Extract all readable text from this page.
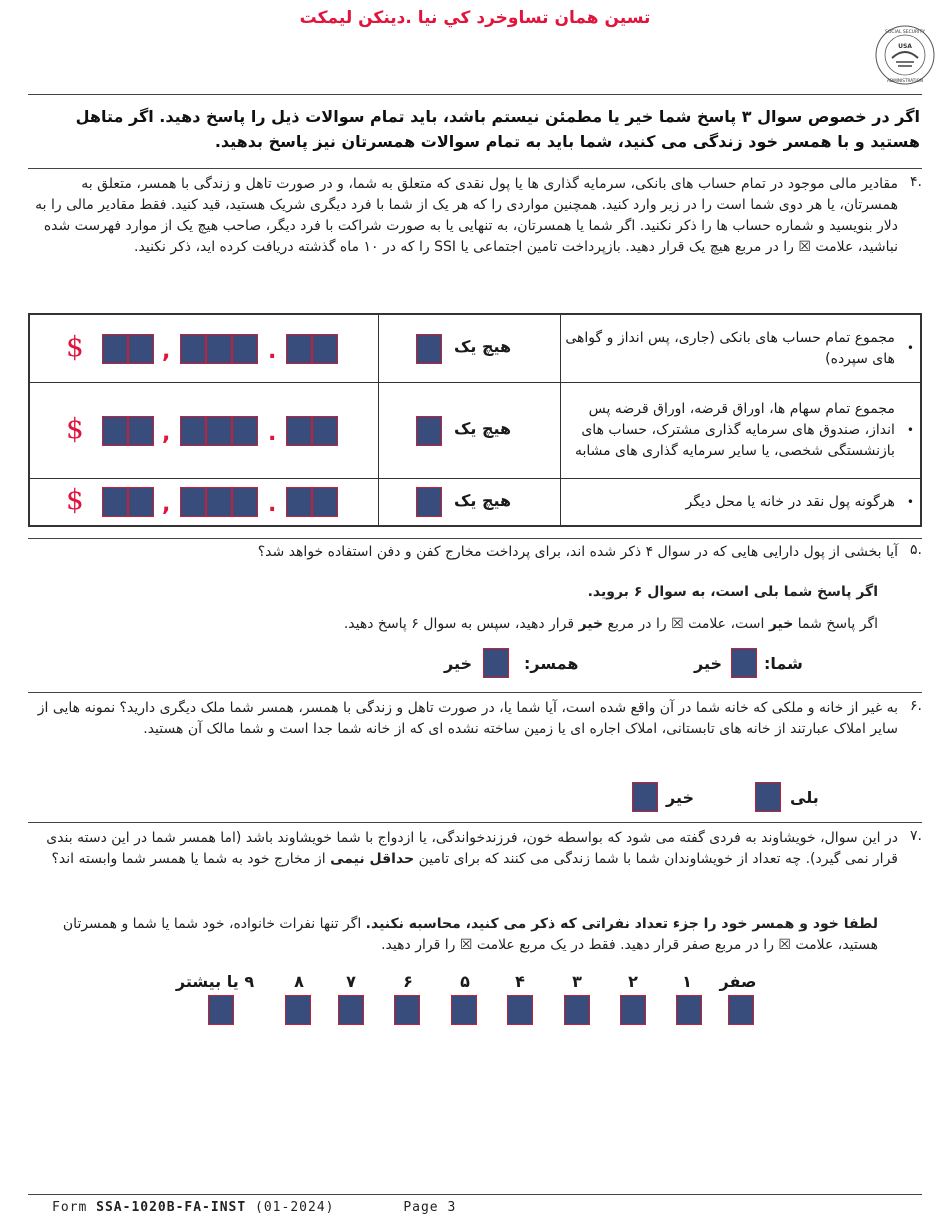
تسين همان تساوخرد كي نيا .دينكن ليمكت
USA
SOCIAL SECURITY
ADMINISTRATION
اگر در خصوص سوال ۳ پاسخ شما خیر یا مطمئن نیستم باشد، باید تمام سوالات ذیل را پاسخ دهید. اگر متاهل هستید و با همسر خود زندگی می کنید، شما باید به تمام سوالات همسرتان نیز پاسخ بدهید.
۴.
مقادیر مالی موجود در تمام حساب های بانکی، سرمایه گذاری ها یا پول نقدی که متعلق به شما، و در صورت تاهل و زندگی با همسر، متعلق به همسرتان، یا هر دوی شما است را در زیر وارد کنید. همچنین مواردی را که هر یک از شما با فرد دیگری شریک هستید، قید کنید. فقط مقادیر مالی را به دلار بنویسید و شماره حساب ها را ذکر نکنید. اگر شما یا همسرتان، به تنهایی یا به صورت شراکت با فرد دیگر، صاحب هیچ یک از موارد فهرست شده نباشید، علامت ☒ را در مربع هیچ یک قرار دهید. بازپرداخت تامین اجتماعی یا SSI را که در ۱۰ ماه گذشته دریافت کرده اید، ذکر نکنید.
•
مجموع تمام حساب های بانکی (جاری، پس انداز و گواهی های سپرده)
هیچ یک
$	,	.
•
مجموع تمام سهام ها، اوراق قرضه، اوراق قرضه پس انداز، صندوق های سرمایه گذاری مشترک، حساب های بازنشستگی شخصی، یا سایر سرمایه گذاری های مشابه
هیچ یک
$	,	.
•
هرگونه پول نقد در خانه یا محل دیگر
هیچ یک
$	,	.
۵.
آیا بخشی از پول دارایی هایی که در سوال ۴ ذکر شده اند، برای پرداخت مخارج کفن و دفن استفاده خواهد شد؟
اگر پاسخ شما بلی است، به سوال ۶ بروید.
اگر پاسخ شما خیر است، علامت ☒ را در مربع خیر قرار دهید، سپس به سوال ۶ پاسخ دهید.
شما:
خیر
همسر:
خیر
۶.
به غیر از خانه و ملکی که خانه شما در آن واقع شده است، آیا شما یا، در صورت تاهل و زندگی با همسر، همسر شما ملک دیگری دارید؟ نمونه هایی از سایر املاک عبارتند از خانه های تابستانی، املاک اجاره ای یا زمین ساخته نشده ای که از خانه شما جدا است و شما مالک آن هستید.
بلی
خیر
۷.
در این سوال، خویشاوند به فردی گفته می شود که بواسطه خون، فرزندخواندگی، یا ازدواج با شما خویشاوند باشد (اما همسر شما در این دسته بندی قرار نمی گیرد). چه تعداد از خویشاوندان شما با شما زندگی می کنند که برای تامین حداقل نیمی از مخارج خود به شما یا همسر شما وابسته اند؟
لطفا خود و همسر خود را جزء تعداد نفراتی که ذکر می کنید، محاسبه نکنید. اگر تنها نفرات خانواده، خود شما یا شما و همسرتان هستید، علامت ☒ را در مربع صفر قرار دهید. فقط در یک مربع علامت ☒ را قرار دهید.
صفر
۱
۲
۳
۴
۵
۶
۷
۸
۹ یا بیشتر
Form SSA-1020B-FA-INST (01-2024)	Page 3
